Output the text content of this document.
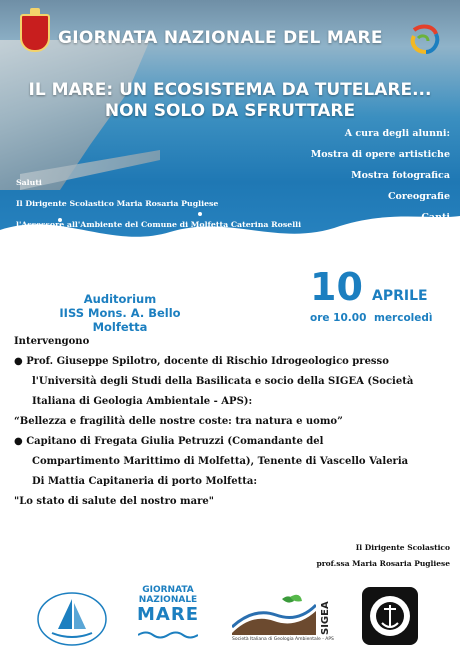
GIORNATA NAZIONALE DEL MARE
IL MARE: UN ECOSISTEMA DA TUTELARE...
NON SOLO DA SFRUTTARE
A cura degli alunni:
Mostra di opere artistiche
Mostra fotografica
Coreografie
Canti
Saluti
Il Dirigente Scolastico Maria Rosaria Pugliese
l'Assessore all'Ambiente del Comune di Molfetta Caterina Roselli
Auditorium
IISS Mons. A. Bello Molfetta
10 APRILE
ore 10.00 mercoledì
Intervengono
● Prof. Giuseppe Spilotro, docente di Rischio Idrogeologico presso
l'Università degli Studi della Basilicata e socio della SIGEA (Società
Italiana di Geologia Ambientale - APS):
“Bellezza e fragilità delle nostre coste: tra natura e uomo”
● Capitano di Fregata Giulia Petruzzi (Comandante del
Compartimento Marittimo di Molfetta), Tenente di Vascello Valeria
Di Mattia Capitaneria di porto Molfetta:
"Lo stato di salute del nostro mare"
Il Dirigente Scolastico
prof.ssa Maria Rosaria Pugliese
GIORNATA
NAZIONALE
MARE	SIGEA
Società Italiana di Geologia Ambientale - APS
